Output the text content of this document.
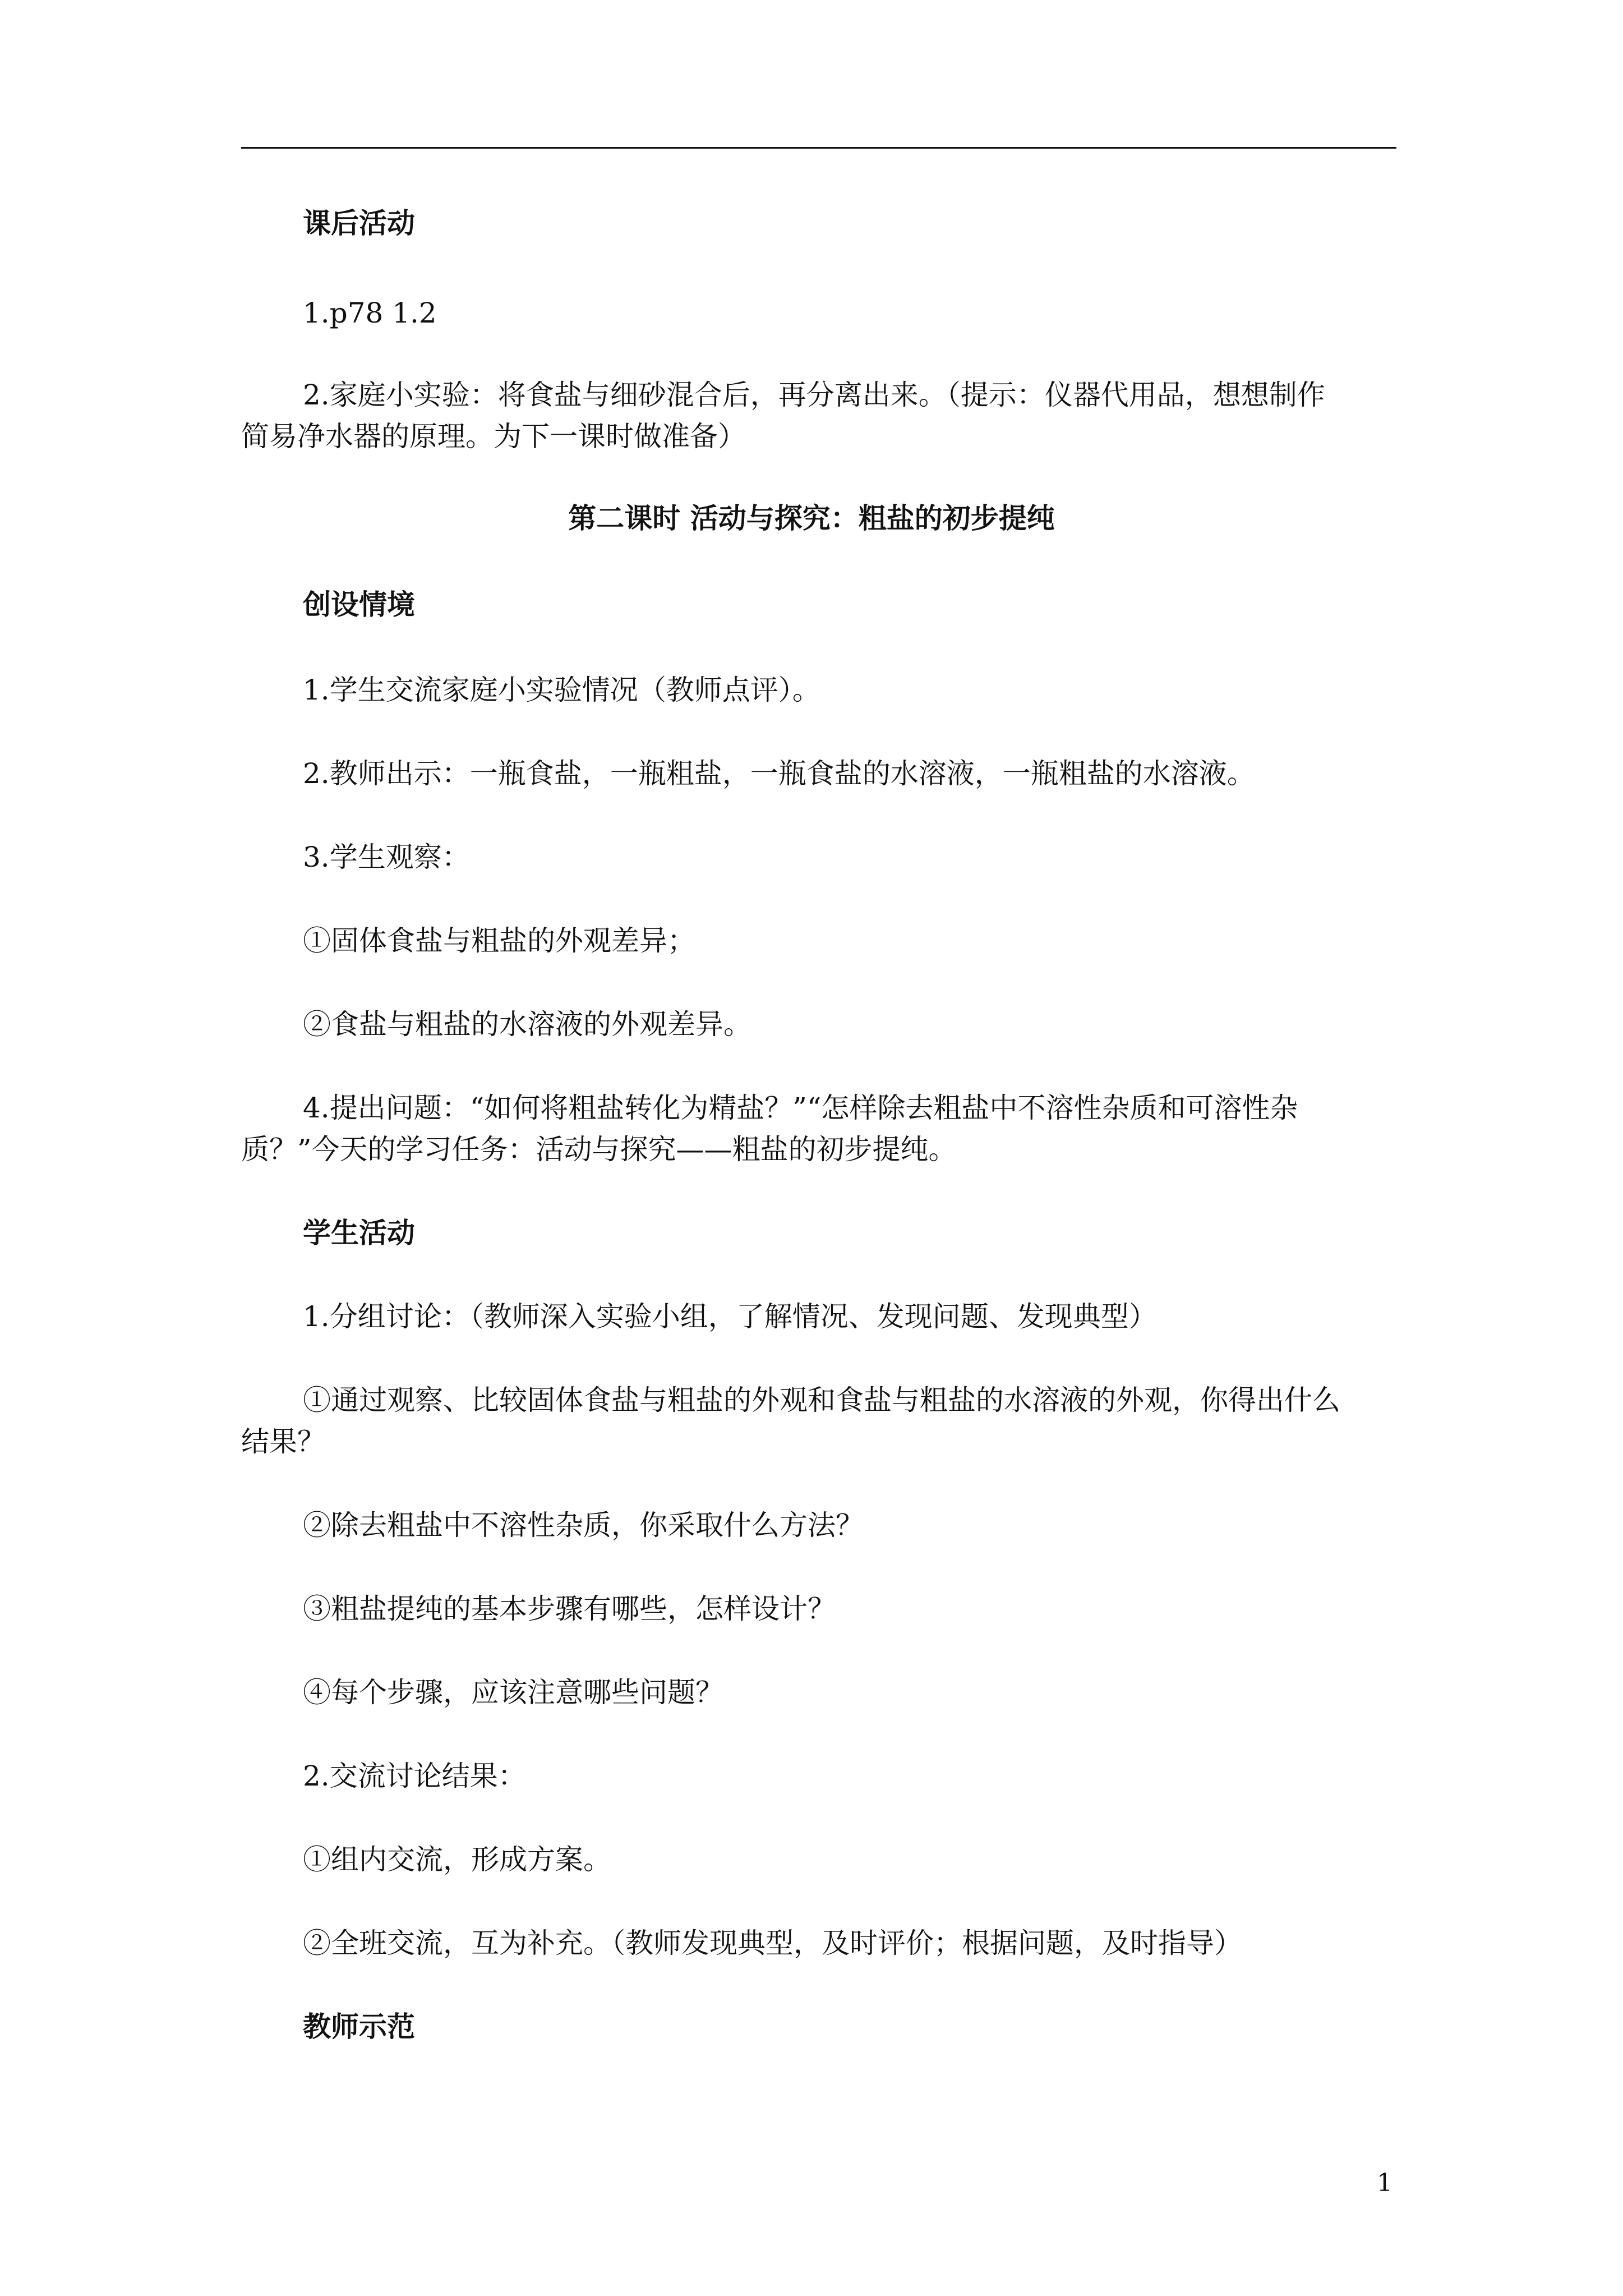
课后活动
1.p78 1.2
2.家庭小实验：将食盐与细砂混合后，再分离出来。（提示：仪器代用品，想想制作
简易净水器的原理。为下一课时做准备）
第二课时 活动与探究：粗盐的初步提纯
创设情境
1.学生交流家庭小实验情况（教师点评）。
2.教师出示：一瓶食盐，一瓶粗盐，一瓶食盐的水溶液，一瓶粗盐的水溶液。
3.学生观察：
①固体食盐与粗盐的外观差异；
②食盐与粗盐的水溶液的外观差异。
4.提出问题：“如何将粗盐转化为精盐？”“怎样除去粗盐中不溶性杂质和可溶性杂
质？”今天的学习任务：活动与探究——粗盐的初步提纯。
学生活动
1.分组讨论：（教师深入实验小组，了解情况、发现问题、发现典型）
①通过观察、比较固体食盐与粗盐的外观和食盐与粗盐的水溶液的外观，你得出什么
结果？
②除去粗盐中不溶性杂质，你采取什么方法？
③粗盐提纯的基本步骤有哪些，怎样设计？
④每个步骤，应该注意哪些问题？
2.交流讨论结果：
①组内交流，形成方案。
②全班交流，互为补充。（教师发现典型，及时评价；根据问题，及时指导）
教师示范
1
